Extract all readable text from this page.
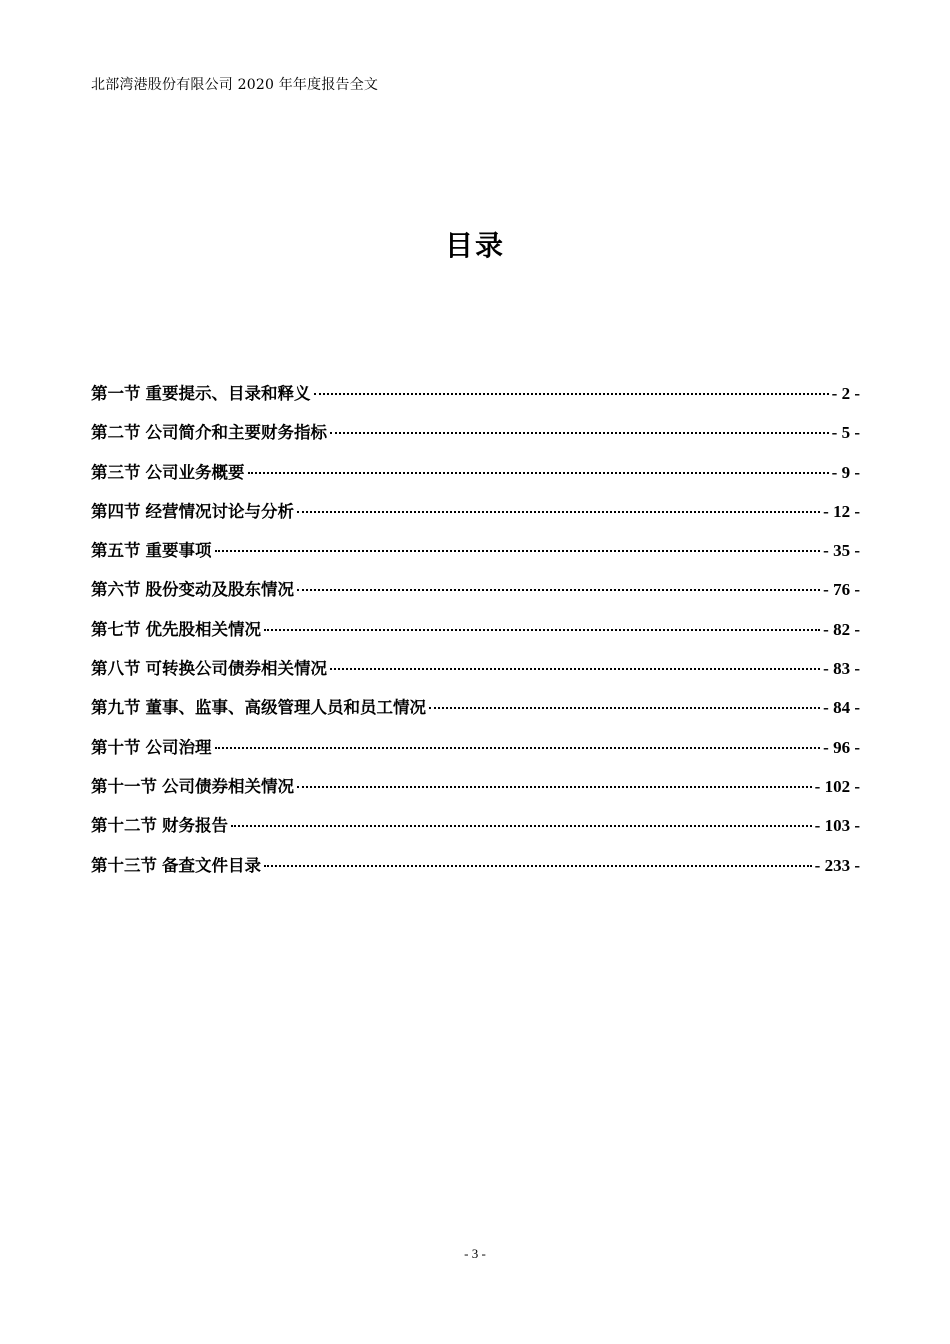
北部湾港股份有限公司 2020 年年度报告全文
目录
第一节 重要提示、目录和释义	- 2 -
第二节 公司简介和主要财务指标	- 5 -
第三节 公司业务概要	- 9 -
第四节 经营情况讨论与分析	- 12 -
第五节 重要事项	- 35 -
第六节 股份变动及股东情况	- 76 -
第七节 优先股相关情况	- 82 -
第八节 可转换公司债券相关情况	- 83 -
第九节 董事、监事、高级管理人员和员工情况	- 84 -
第十节 公司治理	- 96 -
第十一节 公司债券相关情况	- 102 -
第十二节 财务报告	- 103 -
第十三节 备查文件目录	- 233 -
- 3 -
